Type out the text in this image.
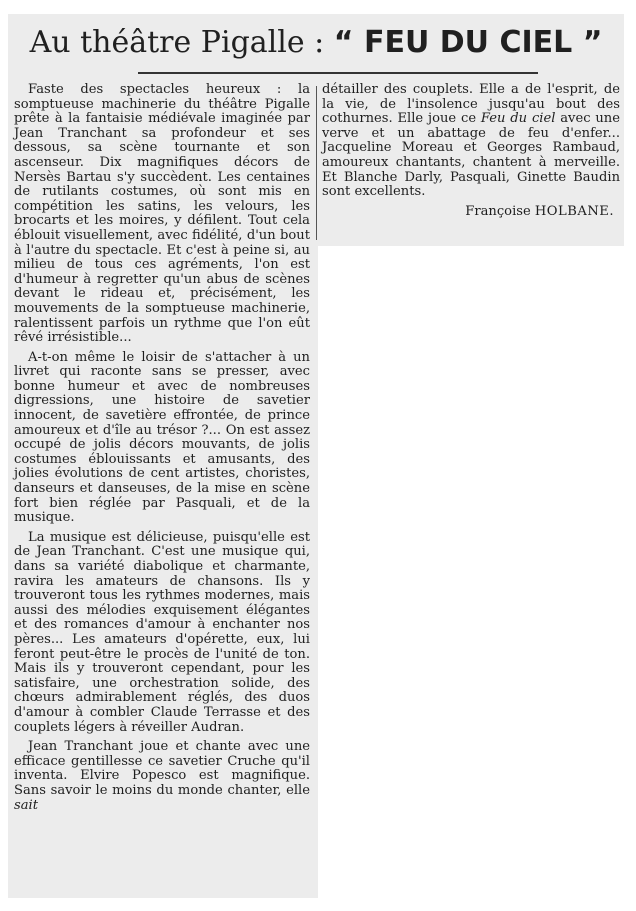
Au théâtre Pigalle : “ FEU DU CIEL ”

Faste des spectacles heureux : la somptueuse machinerie du théâtre Pigalle prête à la fantaisie médiévale imaginée par Jean Tranchant sa profondeur et ses dessous, sa scène tournante et son ascenseur. Dix magnifiques décors de Nersès Bartau s'y succèdent. Les centaines de rutilants costumes, où sont mis en compétition les satins, les velours, les brocarts et les moires, y défilent. Tout cela éblouit visuellement, avec fidélité, d'un bout à l'autre du spectacle. Et c'est à peine si, au milieu de tous ces agréments, l'on est d'humeur à regretter qu'un abus de scènes devant le rideau et, précisément, les mouvements de la somptueuse machinerie, ralentissent parfois un rythme que l'on eût rêvé irrésistible...

A-t-on même le loisir de s'attacher à un livret qui raconte sans se presser, avec bonne humeur et avec de nombreuses digressions, une histoire de savetier innocent, de savetière effrontée, de prince amoureux et d'île au trésor ?... On est assez occupé de jolis décors mouvants, de jolis costumes éblouissants et amusants, des jolies évolutions de cent artistes, choristes, danseurs et danseuses, de la mise en scène fort bien réglée par Pasquali, et de la musique.

La musique est délicieuse, puisqu'elle est de Jean Tranchant. C'est une musique qui, dans sa variété diabolique et charmante, ravira les amateurs de chansons. Ils y trouveront tous les rythmes modernes, mais aussi des mélodies exquisement élégantes et des romances d'amour à enchanter nos pères... Les amateurs d'opérette, eux, lui feront peut-être le procès de l'unité de ton. Mais ils y trouveront cependant, pour les satisfaire, une orchestration solide, des chœurs admirablement réglés, des duos d'amour à combler Claude Terrasse et des couplets légers à réveiller Audran.

Jean Tranchant joue et chante avec une efficace gentillesse ce savetier Cruche qu'il inventa. Elvire Popesco est magnifique. Sans savoir le moins du monde chanter, elle sait

détailler des couplets. Elle a de l'esprit, de la vie, de l'insolence jusqu'au bout des cothurnes. Elle joue ce Feu du ciel avec une verve et un abattage de feu d'enfer... Jacqueline Moreau et Georges Rambaud, amoureux chantants, chantent à merveille. Et Blanche Darly, Pasquali, Ginette Baudin sont excellents.

Françoise HOLBANE.
